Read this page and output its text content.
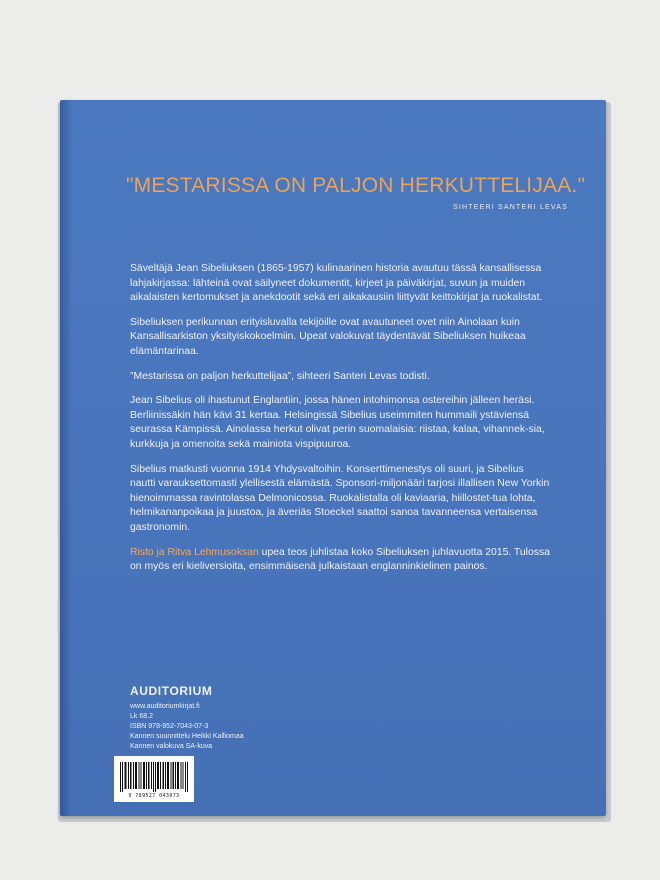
"MESTARISSA ON PALJON HERKUTTELIJAA."
SIHTEERI SANTERI LEVAS

Säveltäjä Jean Sibeliuksen (1865-1957) kulinaarinen historia avautuu tässä kansallisessa lahjakirjassa: lähteinä ovat säilyneet dokumentit, kirjeet ja päiväkirjat, suvun ja muiden aikalaisten kertomukset ja anekdootit sekä eri aikakausiin liittyvät keittokirjat ja ruokalistat.

Sibeliuksen perikunnan erityisluvalla tekijöille ovat avautuneet ovet niin Ainolaan kuin Kansallisarkiston yksityiskokoelmiin. Upeat valokuvat täydentävät Sibeliuksen huikeaa elämäntarinaa.

”Mestarissa on paljon herkuttelijaa”, sihteeri Santeri Levas todisti.

Jean Sibelius oli ihastunut Englantiin, jossa hänen intohimonsa ostereihin jälleen heräsi. Berliinissäkin hän kävi 31 kertaa. Helsingissä Sibelius useimmiten hummaili ystäviensä seurassa Kämpissä. Ainolassa herkut olivat perin suomalaisia: riistaa, kalaa, vihannek-sia, kurkkuja ja omenoita sekä mainiota vispipuuroa.

Sibelius matkusti vuonna 1914 Yhdysvaltoihin. Konserttimenestys oli suuri, ja Sibelius nautti varauksettomasti ylellisestä elämästä. Sponsori-miljonääri tarjosi illallisen New Yorkin hienoimmassa ravintolassa Delmonicossa. Ruokalistalla oli kaviaaria, hiillostet-tua lohta, helmikananpoikaa ja juustoa, ja äveriäs Stoeckel saattoi sanoa tavanneensa vertaisensa gastronomin.

Risto ja Ritva Lehmusoksan upea teos juhlistaa koko Sibeliuksen juhlavuotta 2015. Tulossa on myös eri kieliversioita, ensimmäisenä julkaistaan englanninkielinen painos.

AUDITORIUM
www.auditoriumkirjat.fi
Lk 68.2
ISBN 978-952-7043-07-3
Kannen suunnittelu Heikki Kalliomaa
Kannen valokuva SA-kuva
9 789527 043073
